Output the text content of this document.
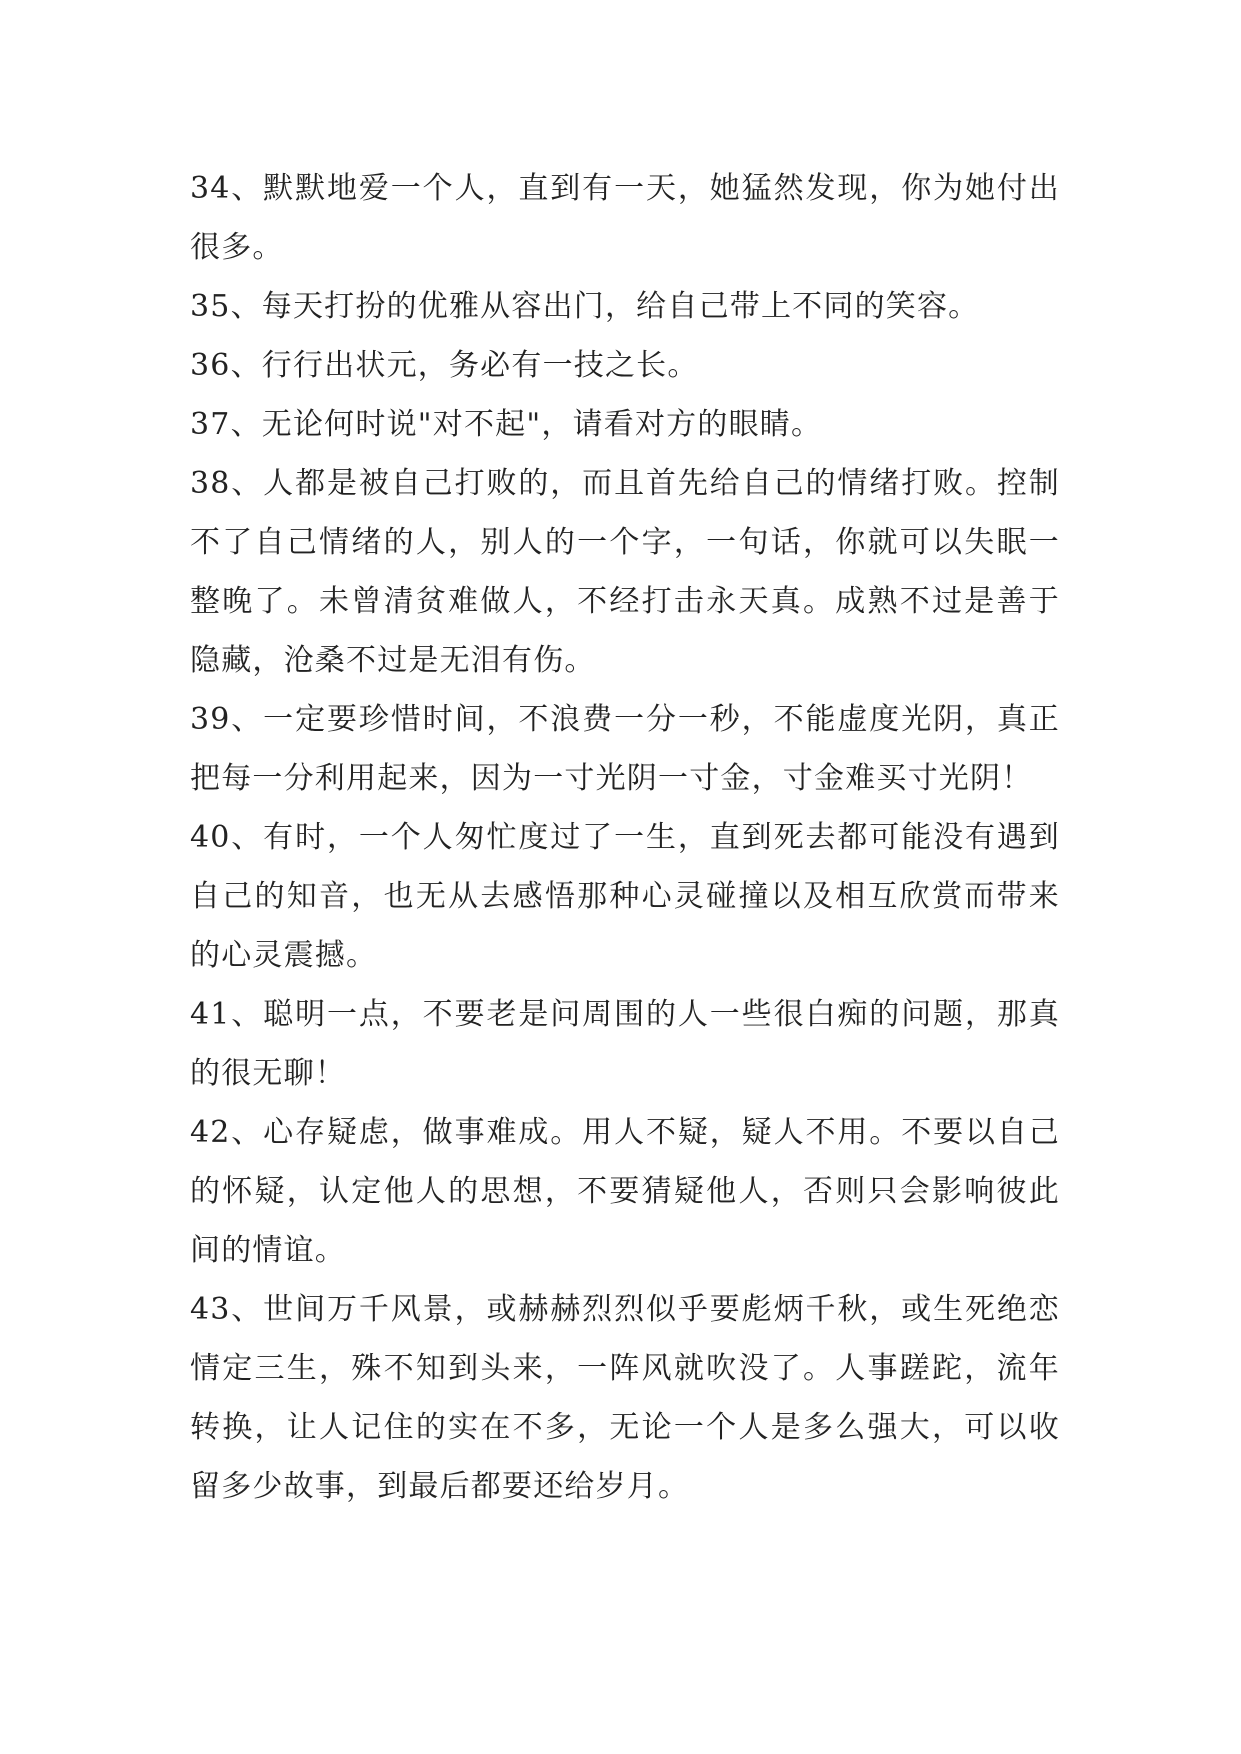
34、默默地爱一个人，直到有一天，她猛然发现，你为她付出很多。

35、每天打扮的优雅从容出门，给自己带上不同的笑容。

36、行行出状元，务必有一技之长。

37、无论何时说"对不起"，请看对方的眼睛。

38、人都是被自己打败的，而且首先给自己的情绪打败。控制不了自己情绪的人，别人的一个字，一句话，你就可以失眠一整晚了。未曾清贫难做人，不经打击永天真。成熟不过是善于隐藏，沧桑不过是无泪有伤。

39、一定要珍惜时间，不浪费一分一秒，不能虚度光阴，真正把每一分利用起来，因为一寸光阴一寸金，寸金难买寸光阴！

40、有时，一个人匆忙度过了一生，直到死去都可能没有遇到自己的知音，也无从去感悟那种心灵碰撞以及相互欣赏而带来的心灵震撼。

41、聪明一点，不要老是问周围的人一些很白痴的问题，那真的很无聊！

42、心存疑虑，做事难成。用人不疑，疑人不用。不要以自己的怀疑，认定他人的思想，不要猜疑他人，否则只会影响彼此间的情谊。

43、世间万千风景，或赫赫烈烈似乎要彪炳千秋，或生死绝恋情定三生，殊不知到头来，一阵风就吹没了。人事蹉跎，流年转换，让人记住的实在不多，无论一个人是多么强大，可以收留多少故事，到最后都要还给岁月。
